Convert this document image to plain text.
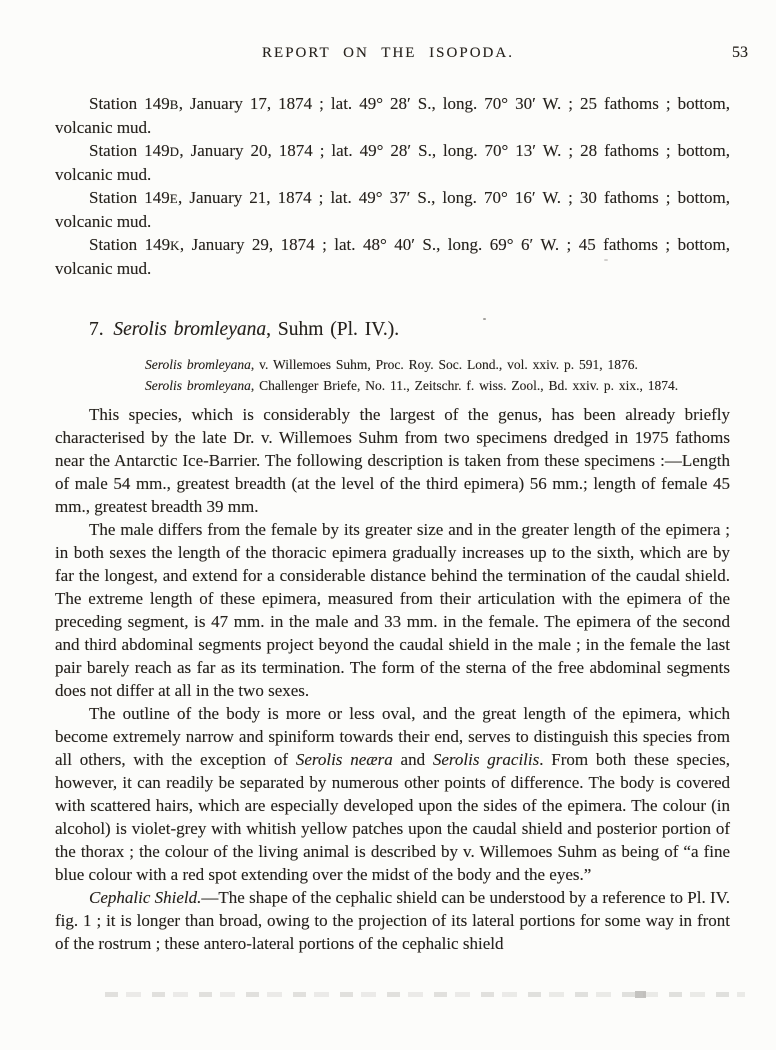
REPORT ON THE ISOPODA.	53

Station 149B, January 17, 1874 ; lat. 49° 28′ S., long. 70° 30′ W. ; 25 fathoms ; bottom, volcanic mud.

Station 149D, January 20, 1874 ; lat. 49° 28′ S., long. 70° 13′ W. ; 28 fathoms ; bottom, volcanic mud.

Station 149E, January 21, 1874 ; lat. 49° 37′ S., long. 70° 16′ W. ; 30 fathoms ; bottom, volcanic mud.

Station 149K, January 29, 1874 ; lat. 48° 40′ S., long. 69° 6′ W. ; 45 fathoms ; bottom, volcanic mud.

7. Serolis bromleyana, Suhm (Pl. IV.).

Serolis bromleyana, v. Willemoes Suhm, Proc. Roy. Soc. Lond., vol. xxiv. p. 591, 1876.

Serolis bromleyana, Challenger Briefe, No. 11., Zeitschr. f. wiss. Zool., Bd. xxiv. p. xix., 1874.

This species, which is considerably the largest of the genus, has been already briefly characterised by the late Dr. v. Willemoes Suhm from two specimens dredged in 1975 fathoms near the Antarctic Ice-Barrier. The following description is taken from these specimens :—Length of male 54 mm., greatest breadth (at the level of the third epimera) 56 mm.; length of female 45 mm., greatest breadth 39 mm.

The male differs from the female by its greater size and in the greater length of the epimera ; in both sexes the length of the thoracic epimera gradually increases up to the sixth, which are by far the longest, and extend for a considerable distance behind the termination of the caudal shield. The extreme length of these epimera, measured from their articulation with the epimera of the preceding segment, is 47 mm. in the male and 33 mm. in the female. The epimera of the second and third abdominal segments project beyond the caudal shield in the male ; in the female the last pair barely reach as far as its termination. The form of the sterna of the free abdominal segments does not differ at all in the two sexes.

The outline of the body is more or less oval, and the great length of the epimera, which become extremely narrow and spiniform towards their end, serves to distinguish this species from all others, with the exception of Serolis neæra and Serolis gracilis. From both these species, however, it can readily be separated by numerous other points of difference. The body is covered with scattered hairs, which are especially developed upon the sides of the epimera. The colour (in alcohol) is violet-grey with whitish yellow patches upon the caudal shield and posterior portion of the thorax ; the colour of the living animal is described by v. Willemoes Suhm as being of “a fine blue colour with a red spot extending over the midst of the body and the eyes.”

Cephalic Shield.—The shape of the cephalic shield can be understood by a reference to Pl. IV. fig. 1 ; it is longer than broad, owing to the projection of its lateral portions for some way in front of the rostrum ; these antero-lateral portions of the cephalic shield
